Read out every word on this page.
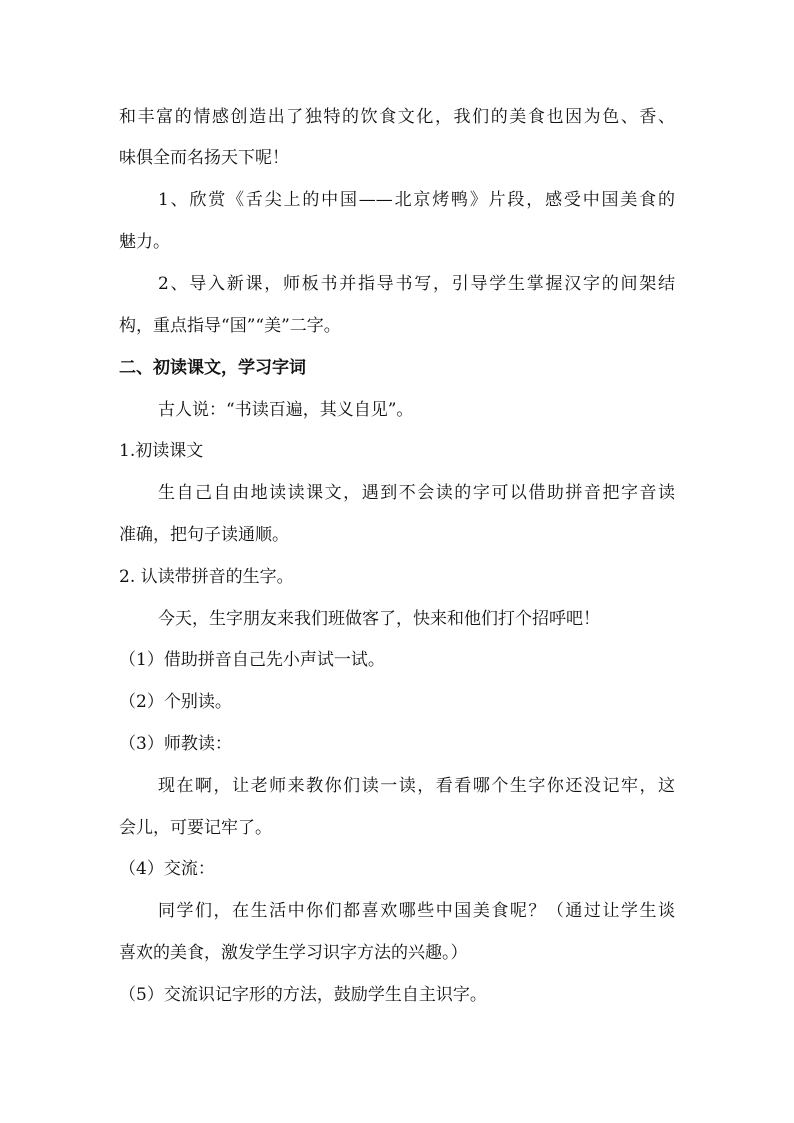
和丰富的情感创造出了独特的饮食文化，我们的美食也因为色、香、
味俱全而名扬天下呢！
1、欣赏《舌尖上的中国——北京烤鸭》片段，感受中国美食的
魅力。
2、导入新课，师板书并指导书写，引导学生掌握汉字的间架结
构，重点指导“国”“美”二字。
二、初读课文，学习字词
古人说：“书读百遍，其义自见”。
1.初读课文
生自己自由地读读课文，遇到不会读的字可以借助拼音把字音读
准确，把句子读通顺。
2. 认读带拼音的生字。
今天，生字朋友来我们班做客了，快来和他们打个招呼吧！
（1）借助拼音自己先小声试一试。
（2）个别读。
（3）师教读：
现在啊，让老师来教你们读一读，看看哪个生字你还没记牢，这
会儿，可要记牢了。
（4）交流：
同学们，在生活中你们都喜欢哪些中国美食呢？（通过让学生谈
喜欢的美食，激发学生学习识字方法的兴趣。）
（5）交流识记字形的方法，鼓励学生自主识字。
